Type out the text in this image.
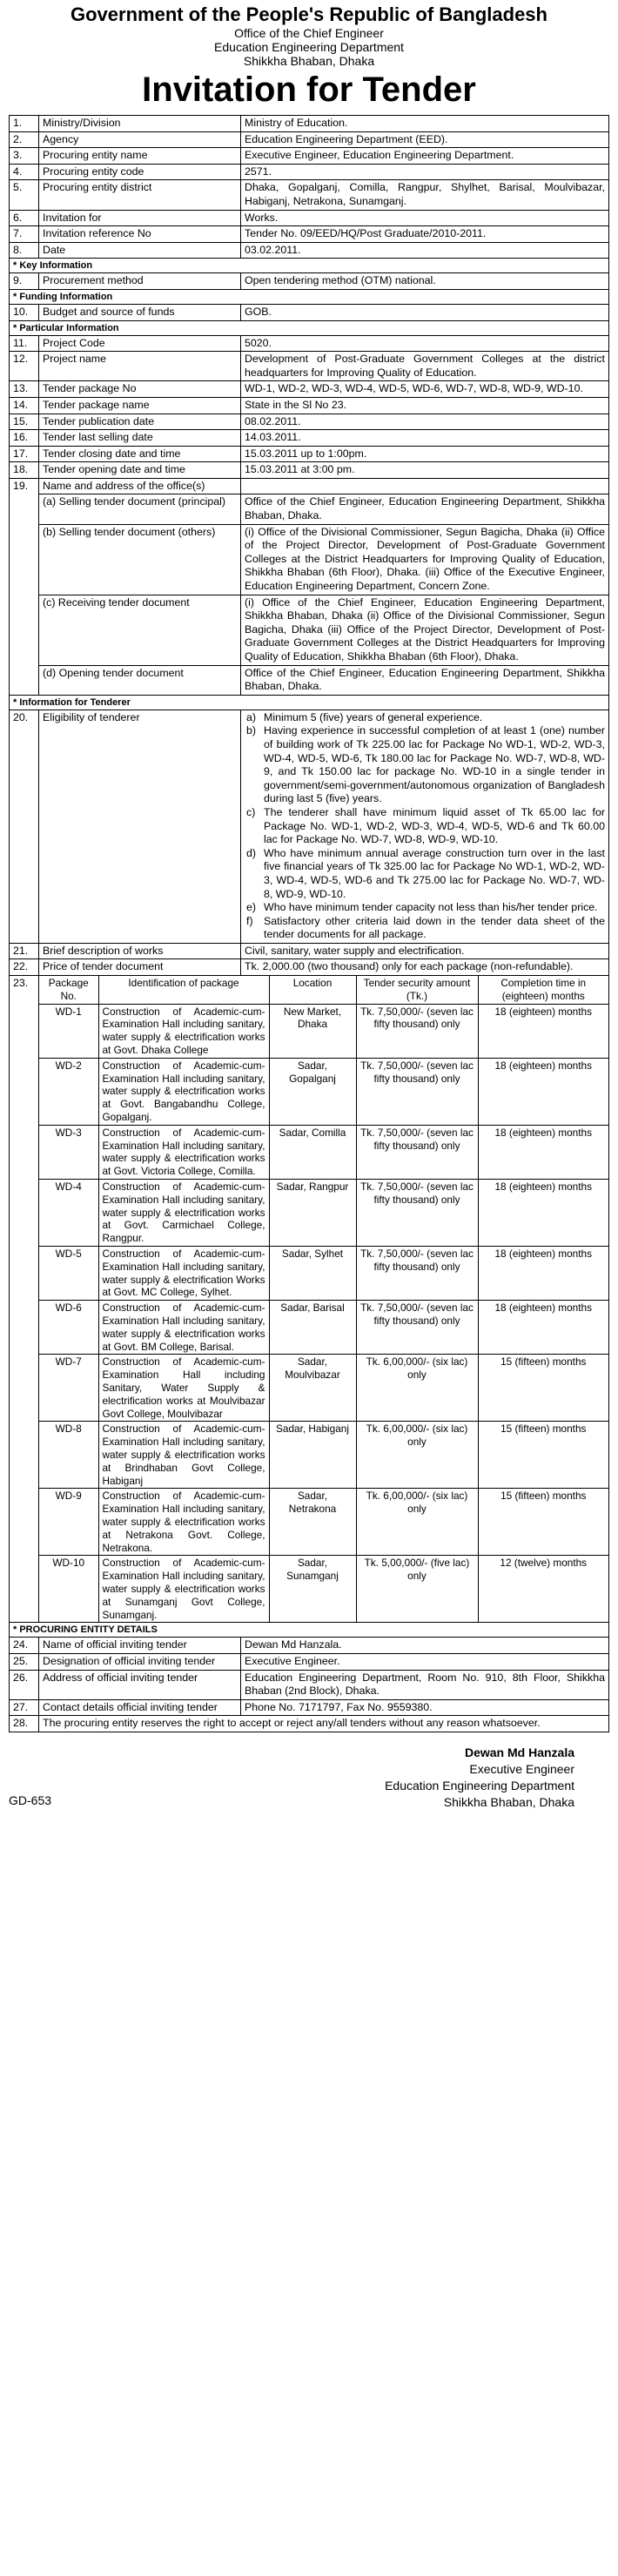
Government of the People's Republic of Bangladesh
Office of the Chief Engineer
Education Engineering Department
Shikkha Bhaban, Dhaka
Invitation for Tender
1.	Ministry/Division	Ministry of Education.
2.	Agency	Education Engineering Department (EED).
3.	Procuring entity name	Executive Engineer, Education Engineering Department.
4.	Procuring entity code	2571.
5.	Procuring entity district	Dhaka, Gopalganj, Comilla, Rangpur, Shylhet, Barisal, Moulvibazar, Habiganj, Netrakona, Sunamganj.
6.	Invitation for	Works.
7.	Invitation reference No	Tender No. 09/EED/HQ/Post Graduate/2010-2011.
8.	Date	03.02.2011.
* Key Information
9.	Procurement method	Open tendering method (OTM) national.
* Funding Information
10.	Budget and source of funds	GOB.
* Particular Information
11.	Project Code	5020.
12.	Project name	Development of Post-Graduate Government Colleges at the district headquarters for Improving Quality of Education.
13.	Tender package No	WD-1, WD-2, WD-3, WD-4, WD-5, WD-6, WD-7, WD-8, WD-9, WD-10.
14.	Tender package name	State in the Sl No 23.
15.	Tender publication date	08.02.2011.
16.	Tender last selling date	14.03.2011.
17.	Tender closing date and time	15.03.2011 up to 1:00pm.
18.	Tender opening date and time	15.03.2011 at 3:00 pm.
19.	Name and address of the office(s)	
(a) Selling tender document (principal)	Office of the Chief Engineer, Education Engineering Department, Shikkha Bhaban, Dhaka.
(b) Selling tender document (others)	(i) Office of the Divisional Commissioner, Segun Bagicha, Dhaka (ii) Office of the Project Director, Development of Post-Graduate Government Colleges at the District Headquarters for Improving Quality of Education, Shikkha Bhaban (6th Floor), Dhaka. (iii) Office of the Executive Engineer, Education Engineering Department, Concern Zone.
(c) Receiving tender document	(i) Office of the Chief Engineer, Education Engineering Department, Shikkha Bhaban, Dhaka (ii) Office of the Divisional Commissioner, Segun Bagicha, Dhaka (iii) Office of the Project Director, Development of Post-Graduate Government Colleges at the District Headquarters for Improving Quality of Education, Shikkha Bhaban (6th Floor), Dhaka.
(d) Opening tender document	Office of the Chief Engineer, Education Engineering Department, Shikkha Bhaban, Dhaka.
* Information for Tenderer
20.	Eligibility of tenderer	a) Minimum 5 (five) years of general experience.
b) Having experience in successful completion of at least 1 (one) number of building work of Tk 225.00 lac for Package No WD-1, WD-2, WD-3, WD-4, WD-5, WD-6, Tk 180.00 lac for Package No. WD-7, WD-8, WD-9, and Tk 150.00 lac for package No. WD-10 in a single tender in government/semi-government/autonomous organization of Bangladesh during last 5 (five) years.
c) The tenderer shall have minimum liquid asset of Tk 65.00 lac for Package No. WD-1, WD-2, WD-3, WD-4, WD-5, WD-6 and Tk 60.00 lac for Package No. WD-7, WD-8, WD-9, WD-10.
d) Who have minimum annual average construction turn over in the last five financial years of Tk 325.00 lac for Package No WD-1, WD-2, WD-3, WD-4, WD-5, WD-6 and Tk 275.00 lac for Package No. WD-7, WD-8, WD-9, WD-10.
e) Who have minimum tender capacity not less than his/her tender price.
f) Satisfactory other criteria laid down in the tender data sheet of the tender documents for all package.

21.	Brief description of works	Civil, sanitary, water supply and electrification.
22.	Price of tender document	Tk. 2,000.00 (two thousand) only for each package (non-refundable).
23.	Package No.	Identification of package	Location	Tender security amount (Tk.)	Completion time in (eighteen) months
WD-1	Construction of Academic-cum-Examination Hall including sanitary, water supply & electrification works at Govt. Dhaka College	New Market, Dhaka	Tk. 7,50,000/- (seven lac fifty thousand) only	18 (eighteen) months
WD-2	Construction of Academic-cum-Examination Hall including sanitary, water supply & electrification works at Govt. Bangabandhu College, Gopalganj.	Sadar, Gopalganj	Tk. 7,50,000/- (seven lac fifty thousand) only	18 (eighteen) months
WD-3	Construction of Academic-cum-Examination Hall including sanitary, water supply & electrification works at Govt. Victoria College, Comilla.	Sadar, Comilla	Tk. 7,50,000/- (seven lac fifty thousand) only	18 (eighteen) months
WD-4	Construction of Academic-cum-Examination Hall including sanitary, water supply & electrification works at Govt. Carmichael College, Rangpur.	Sadar, Rangpur	Tk. 7,50,000/- (seven lac fifty thousand) only	18 (eighteen) months
WD-5	Construction of Academic-cum-Examination Hall including sanitary, water supply & electrification Works at Govt. MC College, Sylhet.	Sadar, Sylhet	Tk. 7,50,000/- (seven lac fifty thousand) only	18 (eighteen) months
WD-6	Construction of Academic-cum-Examination Hall including sanitary, water supply & electrification works at Govt. BM College, Barisal.	Sadar, Barisal	Tk. 7,50,000/- (seven lac fifty thousand) only	18 (eighteen) months
WD-7	Construction of Academic-cum-Examination Hall including Sanitary, Water Supply & electrification works at Moulvibazar Govt College, Moulvibazar	Sadar, Moulvibazar	Tk. 6,00,000/- (six lac) only	15 (fifteen) months
WD-8	Construction of Academic-cum-Examination Hall including sanitary, water supply & electrification works at Brindhaban Govt College, Habiganj	Sadar, Habiganj	Tk. 6,00,000/- (six lac) only	15 (fifteen) months
WD-9	Construction of Academic-cum-Examination Hall including sanitary, water supply & electrification works at Netrakona Govt. College, Netrakona.	Sadar, Netrakona	Tk. 6,00,000/- (six lac) only	15 (fifteen) months
WD-10	Construction of Academic-cum-Examination Hall including sanitary, water supply & electrification works at Sunamganj Govt College, Sunamganj.	Sadar, Sunamganj	Tk. 5,00,000/- (five lac) only	12 (twelve) months

* PROCURING ENTITY DETAILS
24.	Name of official inviting tender	Dewan Md Hanzala.
25.	Designation of official inviting tender	Executive Engineer.
26.	Address of official inviting tender	Education Engineering Department, Room No. 910, 8th Floor, Shikkha Bhaban (2nd Block), Dhaka.
27.	Contact details official inviting tender	Phone No. 7171797, Fax No. 9559380.
28.	The procuring entity reserves the right to accept or reject any/all tenders without any reason whatsoever.
Dewan Md Hanzala
Executive Engineer
Education Engineering Department
Shikkha Bhaban, Dhaka
GD-653
